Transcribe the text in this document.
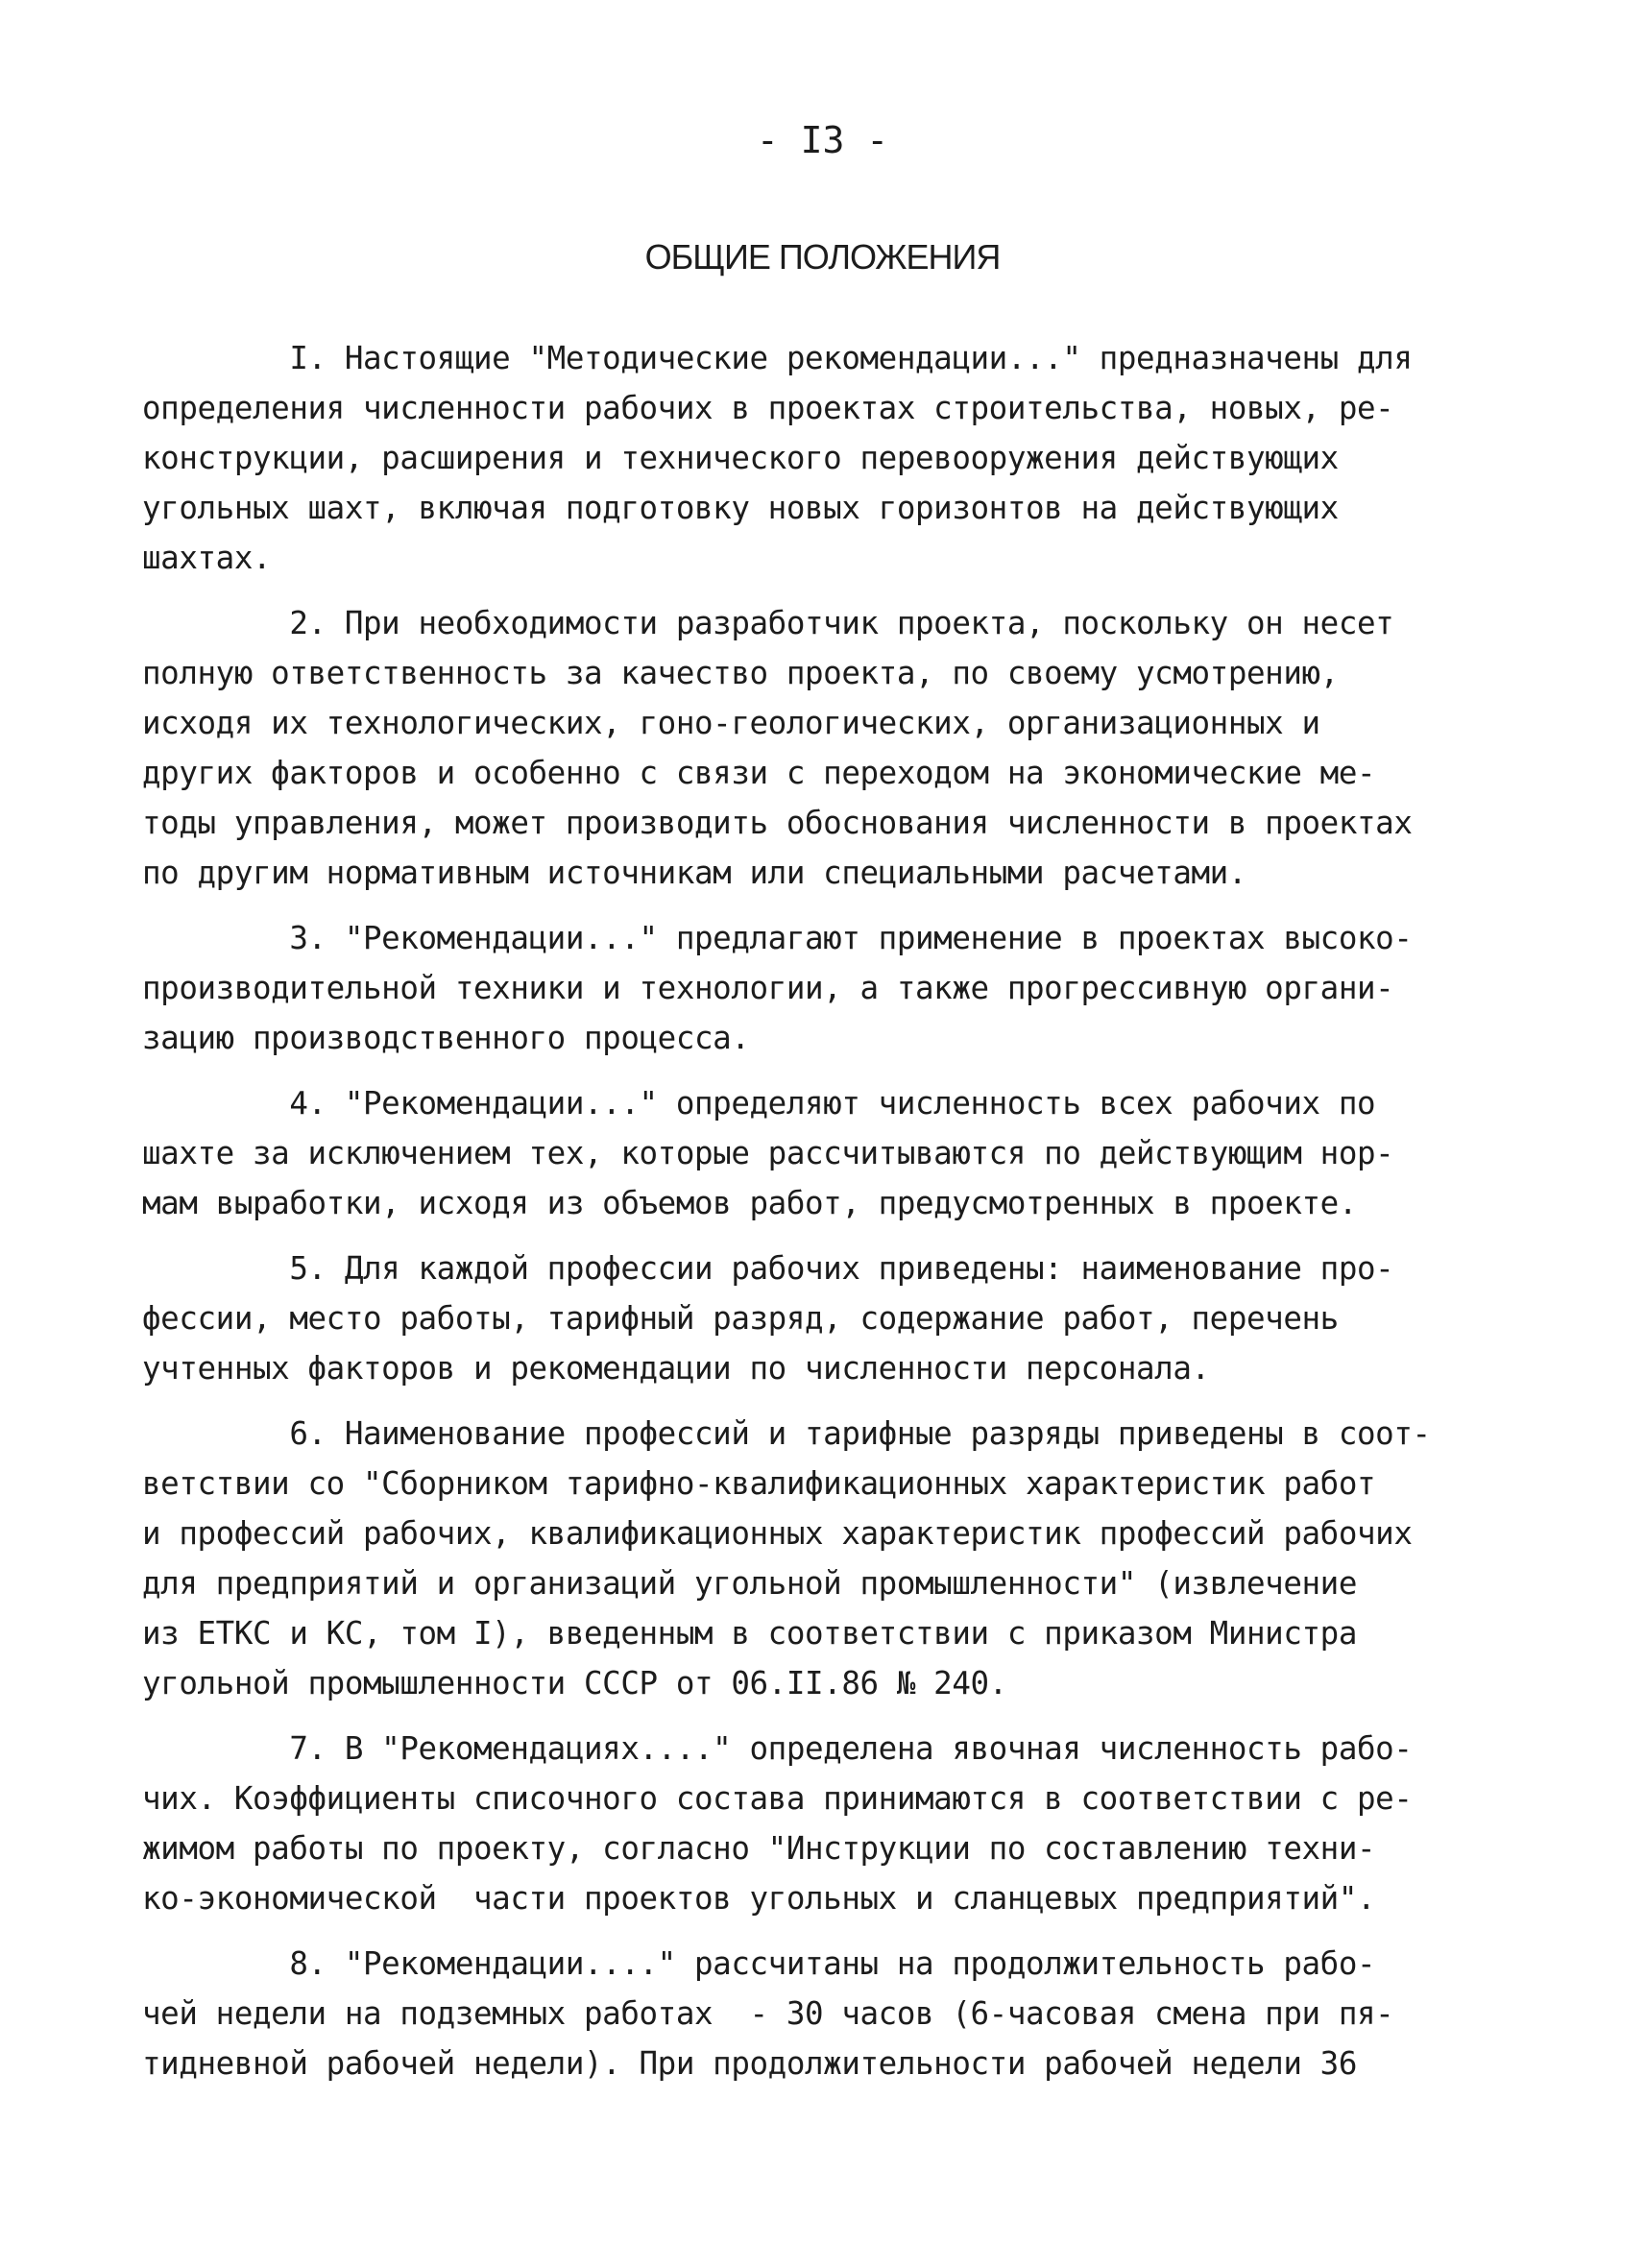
- I3 -
ОБЩИЕ ПОЛОЖЕНИЯ
I. Настоящие "Методические рекомендации..." предназначены для
определения численности рабочих в проектах строительства, новых, ре-
конструкции, расширения и технического перевооружения действующих
угольных шахт, включая подготовку новых горизонтов на действующих
шахтах.
2. При необходимости разработчик проекта, поскольку он несет
полную ответственность за качество проекта, по своему усмотрению,
исходя их технологических, гоно-геологических, организационных и
других факторов и особенно с связи с переходом на экономические ме-
тоды управления, может производить обоснования численности в проектах
по другим нормативным источникам или специальными расчетами.
3. "Рекомендации..." предлагают применение в проектах высоко-
производительной техники и технологии, а также прогрессивную органи-
зацию производственного процесса.
4. "Рекомендации..." определяют численность всех рабочих по
шахте за исключением тех, которые рассчитываются по действующим нор-
мам выработки, исходя из объемов работ, предусмотренных в проекте.
5. Для каждой профессии рабочих приведены: наименование про-
фессии, место работы, тарифный разряд, содержание работ, перечень
учтенных факторов и рекомендации по численности персонала.
6. Наименование профессий и тарифные разряды приведены в соот-
ветствии со "Сборником тарифно-квалификационных характеристик работ
и профессий рабочих, квалификационных характеристик профессий рабочих
для предприятий и организаций угольной промышленности" (извлечение
из ЕТКС и КС, том I), введенным в соответствии с приказом Министра
угольной промышленности СССР от 06.II.86 № 240.
7. В "Рекомендациях...." определена явочная численность рабо-
чих. Коэффициенты списочного состава принимаются в соответствии с ре-
жимом работы по проекту, согласно "Инструкции по составлению техни-
ко-экономической  части проектов угольных и сланцевых предприятий".
8. "Рекомендации...." рассчитаны на продолжительность рабо-
чей недели на подземных работах  - 30 часов (6-часовая смена при пя-
тидневной рабочей недели). При продолжительности рабочей недели 36
